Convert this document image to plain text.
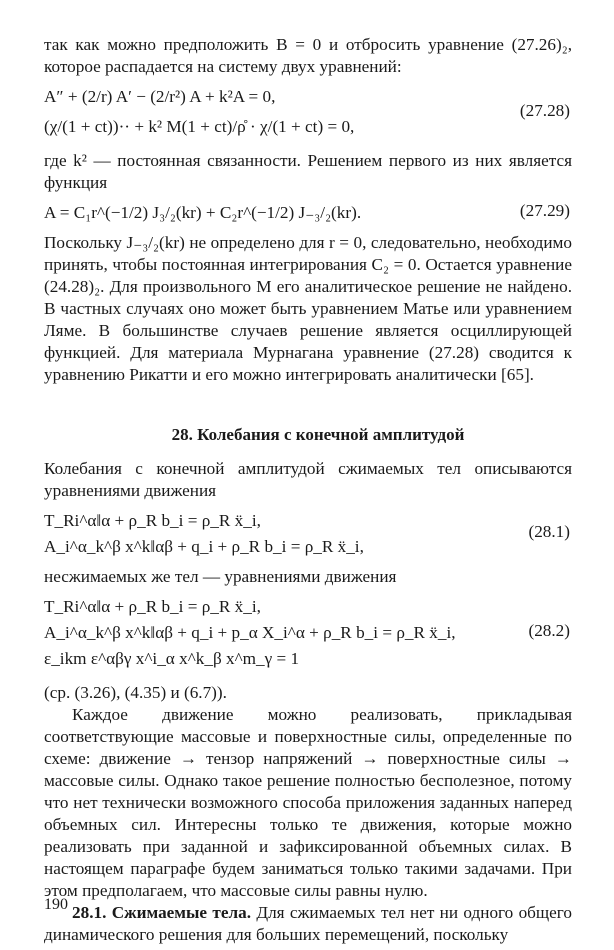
так как можно предположить B = 0 и отбросить уравнение (27.26)₂, которое распадается на систему двух уравнений:

A″ + (2/r) A′ − (2/r²) A + k²A = 0,
(χ/(1 + ct))·· + k² M(1 + ct)/ρ̊ · χ/(1 + ct) = 0,
(27.28)

где k² — постоянная связанности. Решением первого из них является функция

A = C₁r^(−1/2) J₃/₂(kr) + C₂r^(−1/2) J₋₃/₂(kr).	(27.29)

Поскольку J₋₃/₂(kr) не определено для r = 0, следовательно, необходимо принять, чтобы постоянная интегрирования C₂ = 0. Остается уравнение (24.28)₂. Для произвольного M его аналитическое решение не найдено. В частных случаях оно может быть уравнением Матье или уравнением Ляме. В большинстве случаев решение является осциллирующей функцией. Для материала Мурнагана уравнение (27.28) сводится к уравнению Рикатти и его можно интегрировать аналитически [65].

28. Колебания с конечной амплитудой

Колебания с конечной амплитудой сжимаемых тел описываются уравнениями движения

T_Ri^α‖α + ρ_R b_i = ρ_R ẍ_i,
A_i^α_k^β x^k‖αβ + q_i + ρ_R b_i = ρ_R ẍ_i,
(28.1)

несжимаемых же тел — уравнениями движения

T_Ri^α‖α + ρ_R b_i = ρ_R ẍ_i,
A_i^α_k^β x^k‖αβ + q_i + p_α X_i^α + ρ_R b_i = ρ_R ẍ_i,
ε_ikm ε^αβγ x^i_α x^k_β x^m_γ = 1
(28.2)

(ср. (3.26), (4.35) и (6.7)).

Каждое движение можно реализовать, прикладывая соответствующие массовые и поверхностные силы, определенные по схеме: движение → тензор напряжений → поверхностные силы → массовые силы. Однако такое решение полностью бесполезное, потому что нет технически возможного способа приложения заданных наперед объемных сил. Интересны только те движения, которые можно реализовать при заданной и зафиксированной объемных силах. В настоящем параграфе будем заниматься только такими задачами. При этом предполагаем, что массовые силы равны нулю.

28.1. Сжимаемые тела. Для сжимаемых тел нет ни одного общего динамического решения для больших перемещений, поскольку

190
